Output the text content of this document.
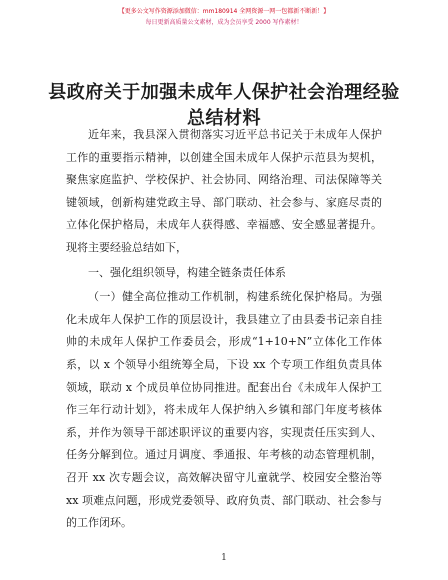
【更多公文写作资源添加微信：mm180914 全网资源一网一包都新不断新！】
每日更新高质量公文素材，成为会员享受 2000 写作素材！
县政府关于加强未成年人保护社会治理经验总结材料

近年来，我县深入贯彻落实习近平总书记关于未成年人保护工作的重要指示精神，以创建全国未成年人保护示范县为契机，聚焦家庭监护、学校保护、社会协同、网络治理、司法保障等关键领域，创新构建党政主导、部门联动、社会参与、家庭尽责的立体化保护格局，未成年人获得感、幸福感、安全感显著提升。现将主要经验总结如下，

一、强化组织领导，构建全链条责任体系

（一）健全高位推动工作机制，构建系统化保护格局。为强化未成年人保护工作的顶层设计，我县建立了由县委书记亲自挂帅的未成年人保护工作委员会，形成“1+10+N”立体化工作体系，以 x 个领导小组统筹全局，下设 xx 个专项工作组负责具体领域，联动 x 个成员单位协同推进。配套出台《未成年人保护工作三年行动计划》，将未成年人保护纳入乡镇和部门年度考核体系，并作为领导干部述职评议的重要内容，实现责任压实到人、任务分解到位。通过月调度、季通报、年考核的动态管理机制，召开 xx 次专题会议，高效解决留守儿童就学、校园安全整治等 xx 项难点问题，形成党委领导、政府负责、部门联动、社会参与的工作闭环。

1
